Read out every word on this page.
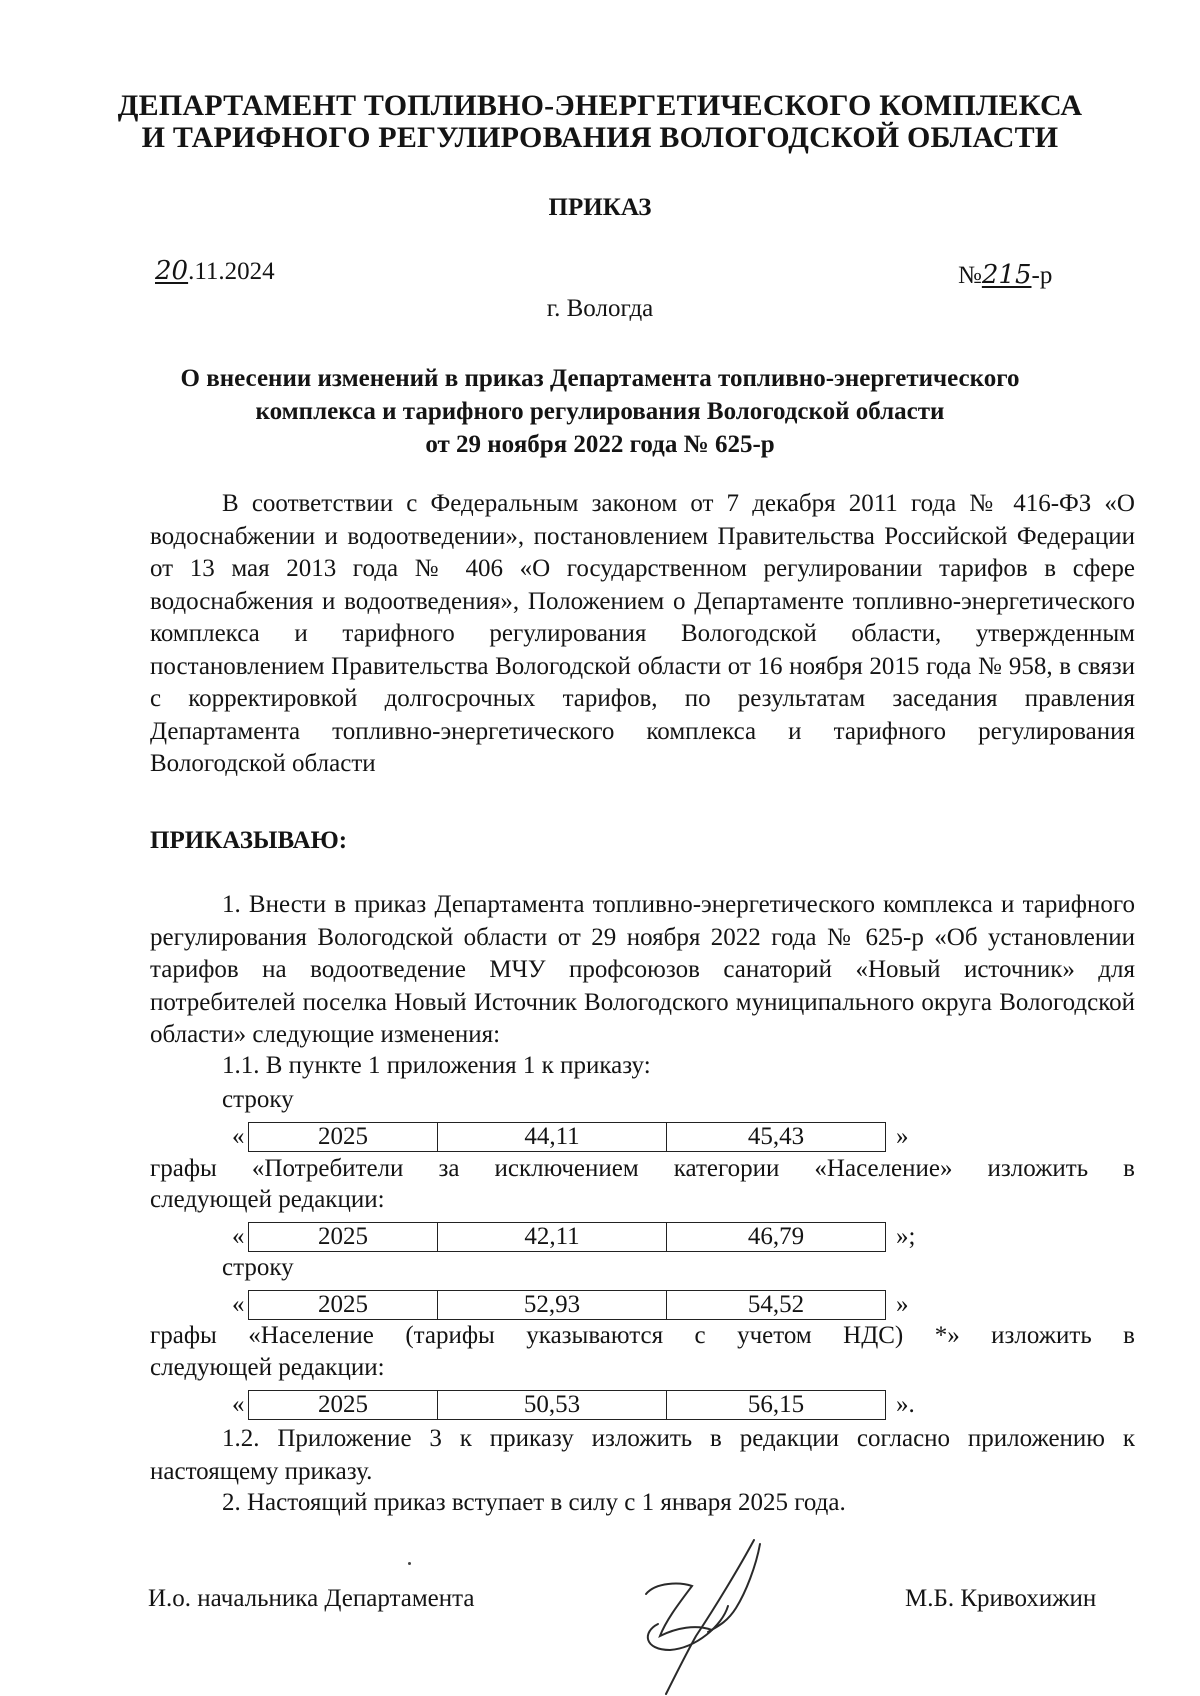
ДЕПАРТАМЕНТ ТОПЛИВНО-ЭНЕРГЕТИЧЕСКОГО КОМПЛЕКСА
И ТАРИФНОГО РЕГУЛИРОВАНИЯ ВОЛОГОДСКОЙ ОБЛАСТИ
ПРИКАЗ
20.11.2024	№215-р
г. Вологда
О внесении изменений в приказ Департамента топливно-энергетического
комплекса и тарифного регулирования Вологодской области
от 29 ноября 2022 года № 625-р
В соответствии с Федеральным законом от 7 декабря 2011 года № 416-ФЗ «О водоснабжении и водоотведении», постановлением Правительства Российской Федерации от 13 мая 2013 года № 406 «О государственном регулировании тарифов в сфере водоснабжения и водоотведения», Положением о Департаменте топливно-энергетического комплекса и тарифного регулирования Вологодской области, утвержденным постановлением Правительства Вологодской области от 16 ноября 2015 года № 958, в связи с корректировкой долгосрочных тарифов, по результатам заседания правления Департамента топливно-энергетического комплекса и тарифного регулирования Вологодской области
ПРИКАЗЫВАЮ:
1. Внести в приказ Департамента топливно-энергетического комплекса и тарифного регулирования Вологодской области от 29 ноября 2022 года № 625-р «Об установлении тарифов на водоотведение МЧУ профсоюзов санаторий «Новый источник» для потребителей поселка Новый Источник Вологодского муниципального округа Вологодской области» следующие изменения:
1.1. В пункте 1 приложения 1 к приказу:
строку
«	2025	44,11	45,43	»
графы «Потребители за исключением категории «Население» изложить в
следующей редакции:
«	2025	42,11	46,79	»;
строку
«	2025	52,93	54,52	»
графы «Население (тарифы указываются с учетом НДС) *» изложить в
следующей редакции:
«	2025	50,53	56,15	».
1.2. Приложение 3 к приказу изложить в редакции согласно приложению к настоящему приказу.
2. Настоящий приказ вступает в силу с 1 января 2025 года.
И.о. начальника Департамента	М.Б. Кривохижин
